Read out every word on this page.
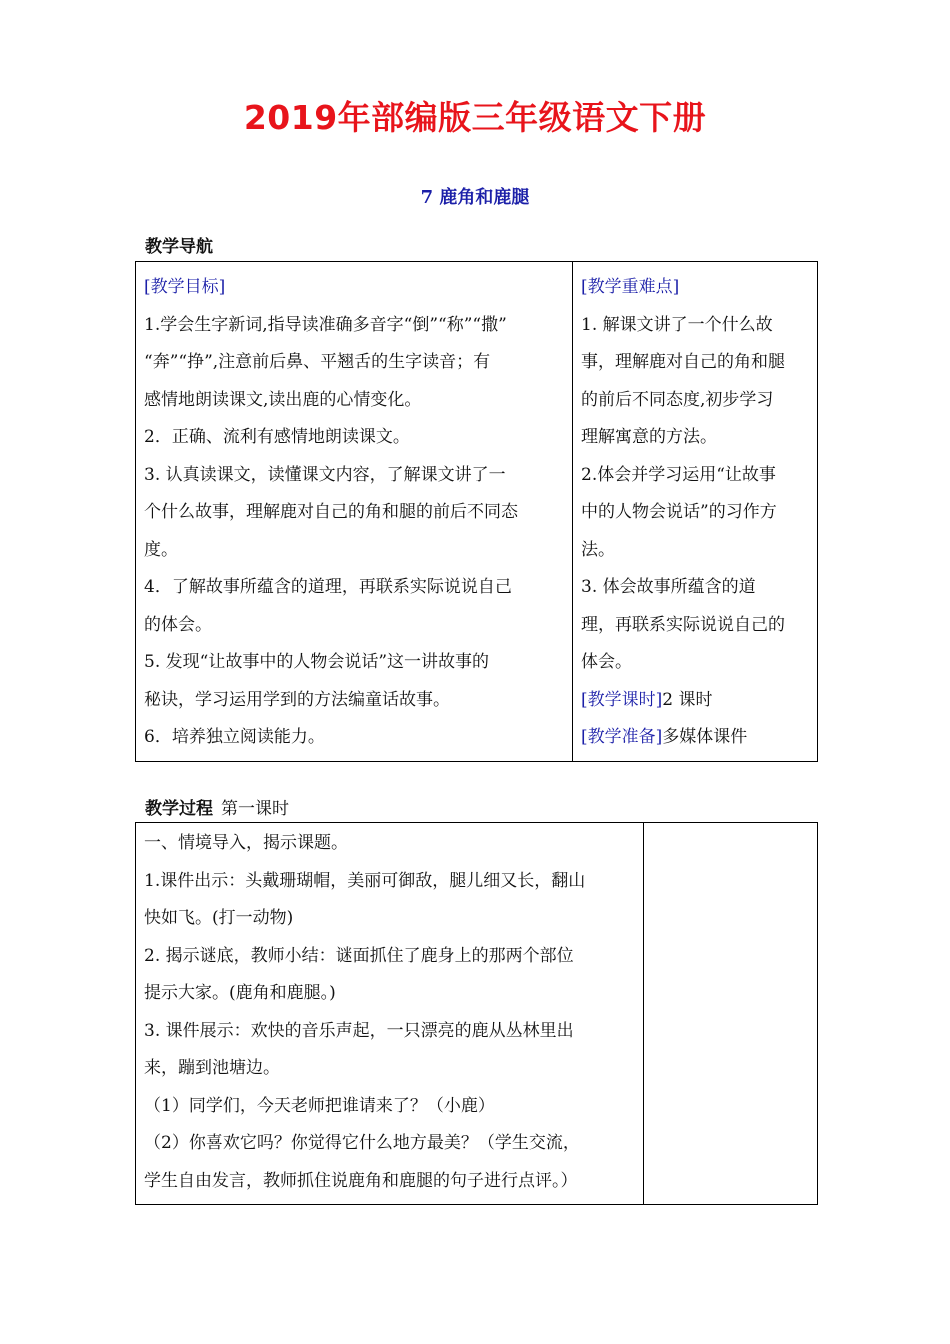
2019年部编版三年级语文下册
7 鹿角和鹿腿
教学导航
[教学目标]
1.学会生字新词,指导读准确多音字“倒”“称”“撒”
“奔”“挣”,注意前后鼻、平翘舌的生字读音；有
感情地朗读课文,读出鹿的心情变化。
2．正确、流利有感情地朗读课文。
3. 认真读课文，读懂课文内容，了解课文讲了一
个什么故事，理解鹿对自己的角和腿的前后不同态
度。
4．了解故事所蕴含的道理，再联系实际说说自己
的体会。
5. 发现“让故事中的人物会说话”这一讲故事的
秘诀，学习运用学到的方法编童话故事。
6．培养独立阅读能力。

[教学重难点]
1. 解课文讲了一个什么故
事，理解鹿对自己的角和腿
的前后不同态度,初步学习
理解寓意的方法。
2.体会并学习运用“让故事
中的人物会说话”的习作方
法。
3. 体会故事所蕴含的道
理，再联系实际说说自己的
体会。
[教学课时]2 课时
[教学准备]多媒体课件
教学过程 第一课时
一、情境导入，揭示课题。
1.课件出示：头戴珊瑚帽，美丽可御敌，腿儿细又长，翻山
快如飞。(打一动物)
2. 揭示谜底，教师小结：谜面抓住了鹿身上的那两个部位
提示大家。(鹿角和鹿腿。)
3. 课件展示：欢快的音乐声起，一只漂亮的鹿从丛林里出
来，蹦到池塘边。
（1）同学们，今天老师把谁请来了？（小鹿）
（2）你喜欢它吗？你觉得它什么地方最美？（学生交流，
学生自由发言，教师抓住说鹿角和鹿腿的句子进行点评。）
